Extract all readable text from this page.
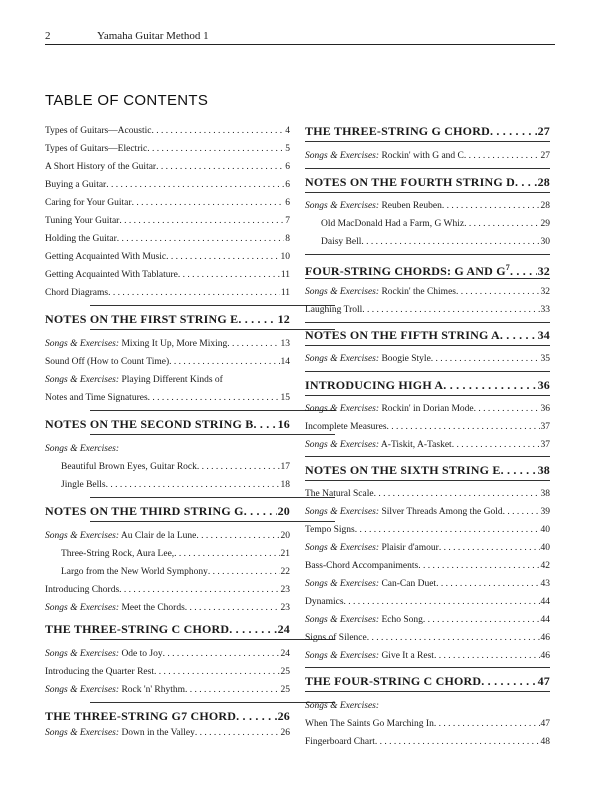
2	Yamaha Guitar Method 1
TABLE OF CONTENTS
Types of Guitars—Acoustic . . .	4
Types of Guitars—Electric . . .	5
A Short History of the Guitar . . .	6
Buying a Guitar . . .	6
Caring for Your Guitar . . .	6
Tuning Your Guitar . . .	7
Holding the Guitar . . .	8
Getting Acquainted With Music . . .	10
Getting Acquainted With Tablature . . .	11
Chord Diagrams . . .	11
NOTES ON THE FIRST STRING E . . .	12
Songs & Exercises: Mixing It Up, More Mixing . . .	13
Sound Off (How to Count Time) . . .	14
Songs & Exercises: Playing Different Kinds of
Notes and Time Signatures . . .	15
NOTES ON THE SECOND STRING B . . . 16
Songs & Exercises:
Beautiful Brown Eyes, Guitar Rock . . .	17
Jingle Bells . . .	18
NOTES ON THE THIRD STRING G . . .	20
Songs & Exercises: Au Clair de la Lune . . .	20
Three-String Rock, Aura Lee, . . .	21
Largo from the New World Symphony . . .	22
Introducing Chords . . .	23
Songs & Exercises: Meet the Chords . . .	23
THE THREE-STRING C CHORD . . .	24
Songs & Exercises: Ode to Joy . . .	24
Introducing the Quarter Rest . . .	25
Songs & Exercises: Rock 'n' Rhythm . . .	25
THE THREE-STRING G7 CHORD . . .	26
Songs & Exercises: Down in the Valley . . .	26
THE THREE-STRING G CHORD . . .	27
Songs & Exercises: Rockin' with G and C . . .	27
NOTES ON THE FOURTH STRING D . . . 28
Songs & Exercises: Reuben Reuben . . .	28
Old MacDonald Had a Farm, G Whiz . . .	29
Daisy Bell . . .	30
FOUR-STRING CHORDS: G AND $G^7$ . . . 32
Songs & Exercises: Rockin' the Chimes . . .	32
Laughing Troll . . .	33
NOTES ON THE FIFTH STRING A . . .	34
Songs & Exercises: Boogie Style . . .	35
INTRODUCING HIGH A . . .	36
Songs & Exercises: Rockin' in Dorian Mode . . .	36
Incomplete Measures . . .	37
Songs & Exercises: A-Tiskit, A-Tasket . . .	37
NOTES ON THE SIXTH STRING E . . .	38
The Natural Scale . . .	38
Songs & Exercises: Silver Threads Among the Gold . . .	39
Tempo Signs . . .	40
Songs & Exercises: Plaisir d'amour . . .	40
Bass-Chord Accompaniments . . .	42
Songs & Exercises: Can-Can Duet . . .	43
Dynamics . . .	44
Songs & Exercises: Echo Song . . .	44
Signs of Silence . . .	46
Songs & Exercises: Give It a Rest . . .	46
THE FOUR-STRING C CHORD . . .	47
Songs & Exercises:
When The Saints Go Marching In . . .	47
Fingerboard Chart . . .	48
